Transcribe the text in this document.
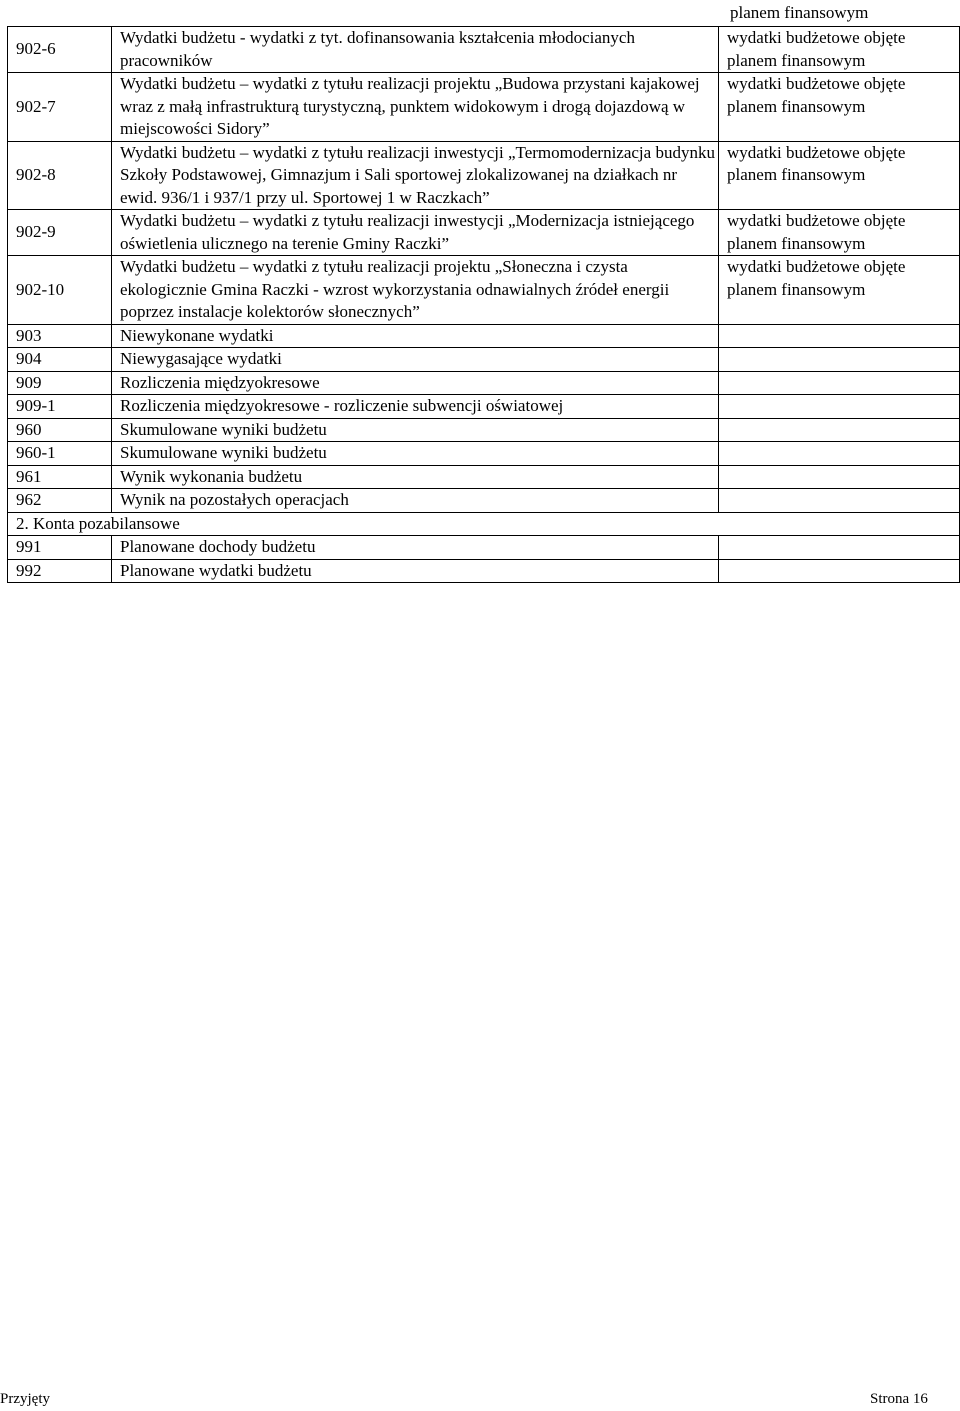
planem finansowym
902-6	Wydatki budżetu - wydatki z tyt. dofinansowania kształcenia młodocianych pracowników	wydatki budżetowe objęte planem finansowym
902-7	Wydatki budżetu – wydatki z tytułu realizacji projektu „Budowa przystani kajakowej wraz z małą infrastrukturą turystyczną, punktem widokowym i drogą dojazdową w miejscowości Sidory”	wydatki budżetowe objęte planem finansowym
902-8	Wydatki budżetu – wydatki z tytułu realizacji inwestycji „Termomodernizacja budynku Szkoły Podstawowej, Gimnazjum i Sali sportowej zlokalizowanej na działkach nr ewid. 936/1 i 937/1 przy ul. Sportowej 1 w Raczkach”	wydatki budżetowe objęte planem finansowym
902-9	Wydatki budżetu – wydatki z tytułu realizacji inwestycji „Modernizacja istniejącego oświetlenia ulicznego na terenie Gminy Raczki”	wydatki budżetowe objęte planem finansowym
902-10	Wydatki budżetu – wydatki z tytułu realizacji projektu „Słoneczna i czysta ekologicznie Gmina Raczki - wzrost wykorzystania odnawialnych źródeł energii poprzez instalacje kolektorów słonecznych”	wydatki budżetowe objęte planem finansowym
903	Niewykonane wydatki	
904	Niewygasające wydatki	
909	Rozliczenia międzyokresowe	
909-1	Rozliczenia międzyokresowe - rozliczenie subwencji oświatowej	
960	Skumulowane wyniki budżetu	
960-1	Skumulowane wyniki budżetu	
961	Wynik wykonania budżetu	
962	Wynik na pozostałych operacjach	
2. Konta pozabilansowe		
991	Planowane dochody budżetu	
992	Planowane wydatki budżetu	
Przyjęty	Strona 16
